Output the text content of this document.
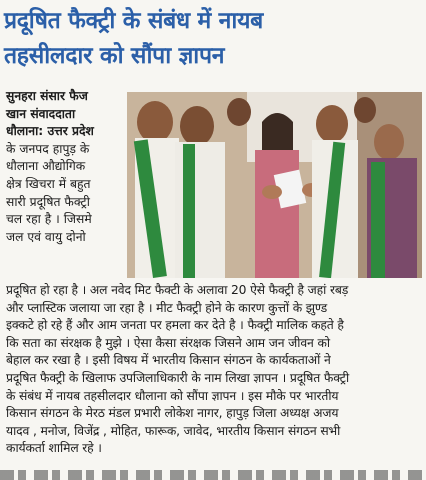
प्रदूषित फैक्ट्री के संबंध में नायब
तहसीलदार को सौंपा ज्ञापन
सुनहरा संसार फैज
खान संवाददाता
धौलाना: उत्तर प्रदेश
के जनपद हापुड़ के
धौलाना औद्योगिक
क्षेत्र खिचरा में बहुत
सारी प्रदूषित फैक्ट्री
चल रहा है । जिसमे
जल एवं वायु दोनो
प्रदूषित हो रहा है । अल नवेद मिट फैक्टी के अलावा 20 ऐसे फैक्ट्री है जहां रबड़
और प्लास्टिक जलाया जा रहा है । मीट फैक्ट्री होने के कारण कुत्तों के झुण्ड
इक्कटे हो रहे हैं और आम जनता पर हमला कर देते है । फैक्ट्री मालिक कहते है
कि सता का संरक्षक है मुझे । ऐसा कैसा संरक्षक जिसने आम जन जीवन को
बेहाल कर रखा है । इसी विषय में भारतीय किसान संगठन के कार्यकताओं ने
प्रदूषित फैक्ट्री के खिलाफ उपजिलाधिकारी के नाम लिखा ज्ञापन । प्रदूषित फैक्ट्री
के संबंध में नायब तहसीलदार धौलाना को सौंपा ज्ञापन । इस मौके पर भारतीय
किसान संगठन के मेरठ मंडल प्रभारी लोकेश नागर, हापुड़ जिला अध्यक्ष अजय
यादव , मनोज, विजेंद्र , मोहित, फारूक, जावेद, भारतीय किसान संगठन सभी
कार्यकर्ता शामिल रहे ।
